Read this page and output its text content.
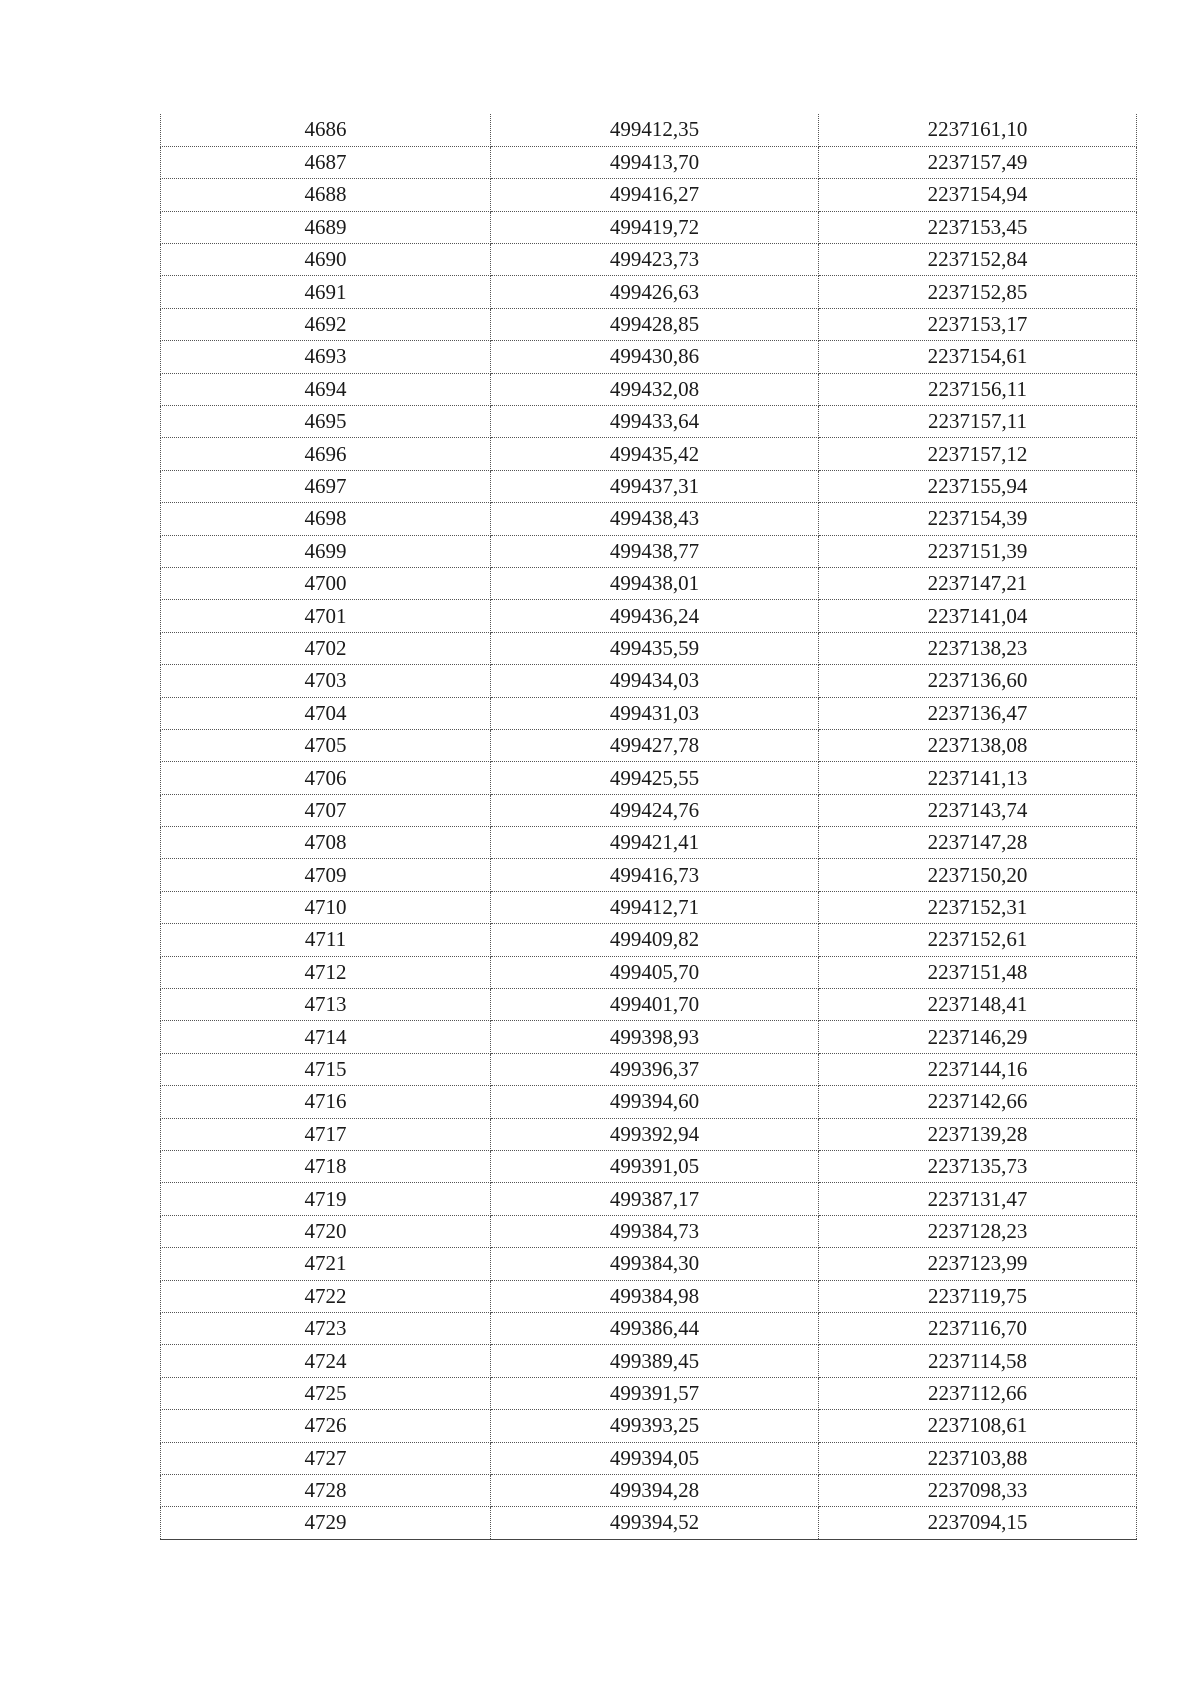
4686	499412,35	2237161,10
4687	499413,70	2237157,49
4688	499416,27	2237154,94
4689	499419,72	2237153,45
4690	499423,73	2237152,84
4691	499426,63	2237152,85
4692	499428,85	2237153,17
4693	499430,86	2237154,61
4694	499432,08	2237156,11
4695	499433,64	2237157,11
4696	499435,42	2237157,12
4697	499437,31	2237155,94
4698	499438,43	2237154,39
4699	499438,77	2237151,39
4700	499438,01	2237147,21
4701	499436,24	2237141,04
4702	499435,59	2237138,23
4703	499434,03	2237136,60
4704	499431,03	2237136,47
4705	499427,78	2237138,08
4706	499425,55	2237141,13
4707	499424,76	2237143,74
4708	499421,41	2237147,28
4709	499416,73	2237150,20
4710	499412,71	2237152,31
4711	499409,82	2237152,61
4712	499405,70	2237151,48
4713	499401,70	2237148,41
4714	499398,93	2237146,29
4715	499396,37	2237144,16
4716	499394,60	2237142,66
4717	499392,94	2237139,28
4718	499391,05	2237135,73
4719	499387,17	2237131,47
4720	499384,73	2237128,23
4721	499384,30	2237123,99
4722	499384,98	2237119,75
4723	499386,44	2237116,70
4724	499389,45	2237114,58
4725	499391,57	2237112,66
4726	499393,25	2237108,61
4727	499394,05	2237103,88
4728	499394,28	2237098,33
4729	499394,52	2237094,15
